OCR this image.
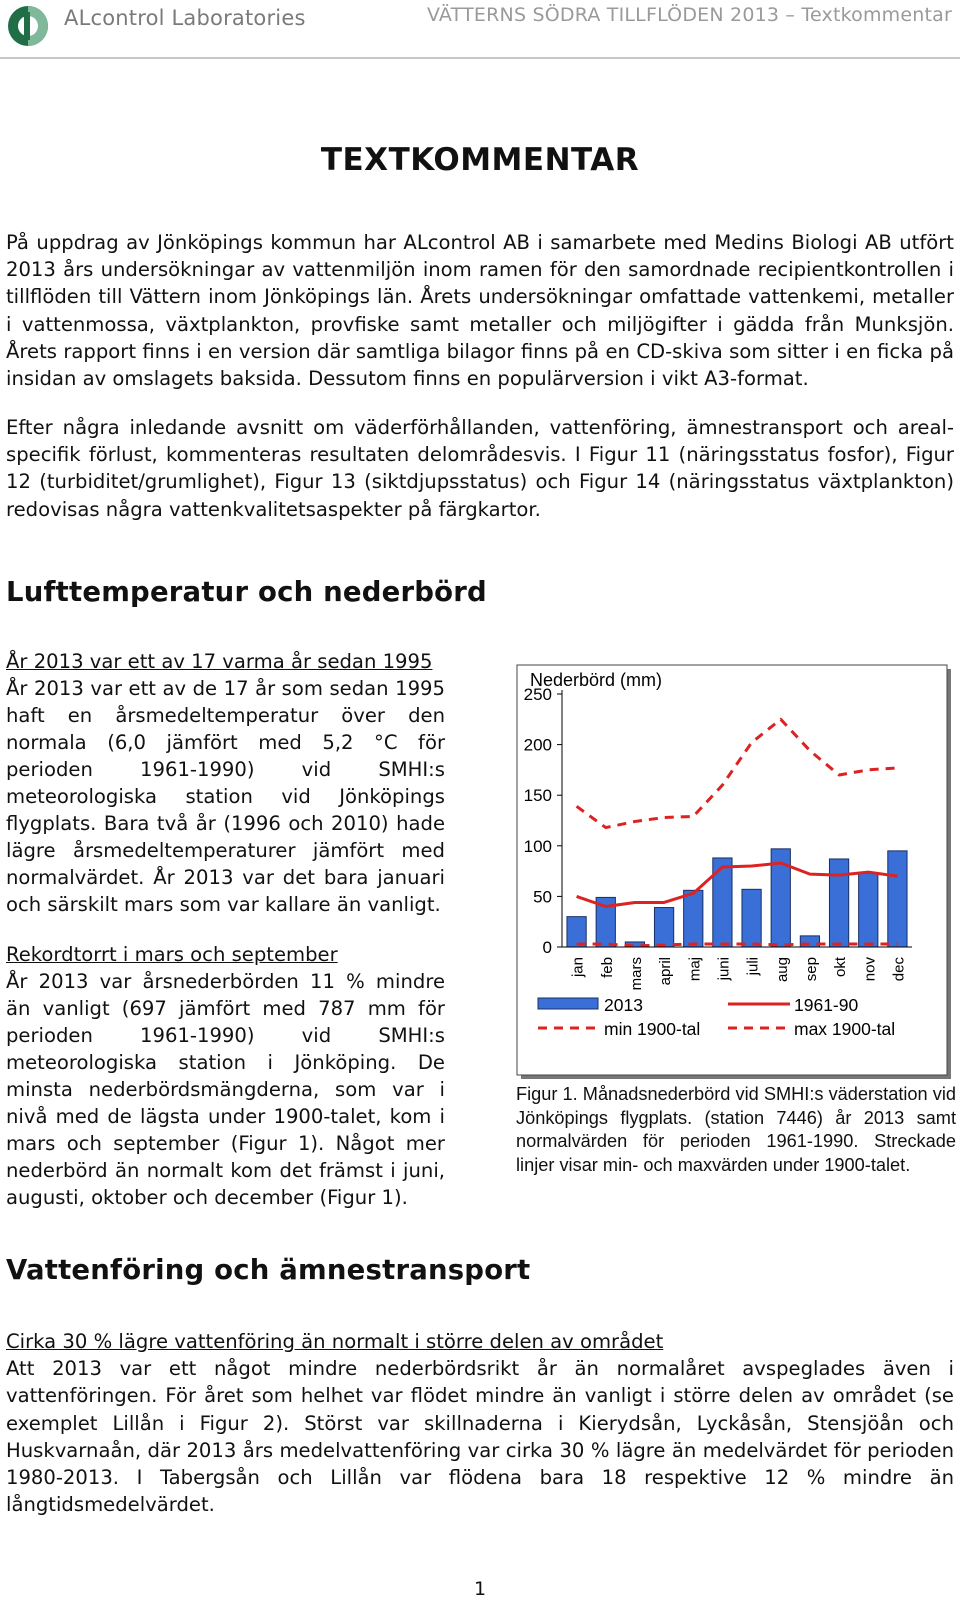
ALcontrol Laboratories	VÄTTERNS SÖDRA TILLFLÖDEN 2013 – Textkommentar
TEXTKOMMENTAR

På uppdrag av Jönköpings kommun har ALcontrol AB i samarbete med Medins Biologi AB utfört 2013 års undersökningar av vattenmiljön inom ramen för den samordnade recipientkontrollen i tillflöden till Vättern inom Jönköpings län. Årets undersökningar omfattade vattenkemi, metaller i vattenmossa, växtplankton, provfiske samt metaller och miljögifter i gädda från Munksjön. Årets rapport finns i en version där samtliga bilagor finns på en CD-skiva som sitter i en ficka på insidan av omslagets baksida. Dessutom finns en populärversion i vikt A3-format.

Efter några inledande avsnitt om väderförhållanden, vattenföring, ämnestransport och areal-specifik förlust, kommenteras resultaten delområdesvis. I Figur 11 (näringsstatus fosfor), Figur 12 (turbiditet/grumlighet), Figur 13 (siktdjupsstatus) och Figur 14 (näringsstatus växtplankton) redovisas några vattenkvalitetsaspekter på färgkartor.

Lufttemperatur och nederbörd
År 2013 var ett av 17 varma år sedan 1995
År 2013 var ett av de 17 år som sedan 1995 haft en årsmedeltemperatur över den normala (6,0 jämfört med 5,2 °C för perioden 1961-1990) vid SMHI:s meteorologiska station vid Jönköpings flygplats. Bara två år (1996 och 2010) hade lägre årsmedeltemperaturer jämfört med normalvärdet. År 2013 var det bara januari och särskilt mars som var kallare än vanligt.
Rekordtorrt i mars och september
År 2013 var årsnederbörden 11 % mindre än vanligt (697 jämfört med 787 mm för perioden 1961-1990) vid SMHI:s meteorologiska station i Jönköping. De minsta nederbördsmängderna, som var i nivå med de lägsta under 1900-talet, kom i mars och september (Figur 1). Något mer nederbörd än normalt kom det främst i juni, augusti, oktober och december (Figur 1).
Nederbörd (mm)
0
50
100
150
200
250
jan feb mars april maj juni juli aug sep okt nov dec
2013	1961-90
min 1900-tal	max 1900-tal

Figur 1. Månadsnederbörd vid SMHI:s väderstation vid Jönköpings flygplats. (station 7446) år 2013 samt normalvärden för perioden 1961-1990. Streckade linjer visar min- och maxvärden under 1900-talet.

Vattenföring och ämnestransport
Cirka 30 % lägre vattenföring än normalt i större delen av området
Att 2013 var ett något mindre nederbördsrikt år än normalåret avspeglades även i vattenföringen. För året som helhet var flödet mindre än vanligt i större delen av området (se exemplet Lillån i Figur 2). Störst var skillnaderna i Kierydsån, Lyckåsån, Stensjöån och Huskvarnaån, där 2013 års medelvattenföring var cirka 30 % lägre än medelvärdet för perioden 1980-2013. I Tabergsån och Lillån var flödena bara 18 respektive 12 % mindre än långtidsmedelvärdet.
1
